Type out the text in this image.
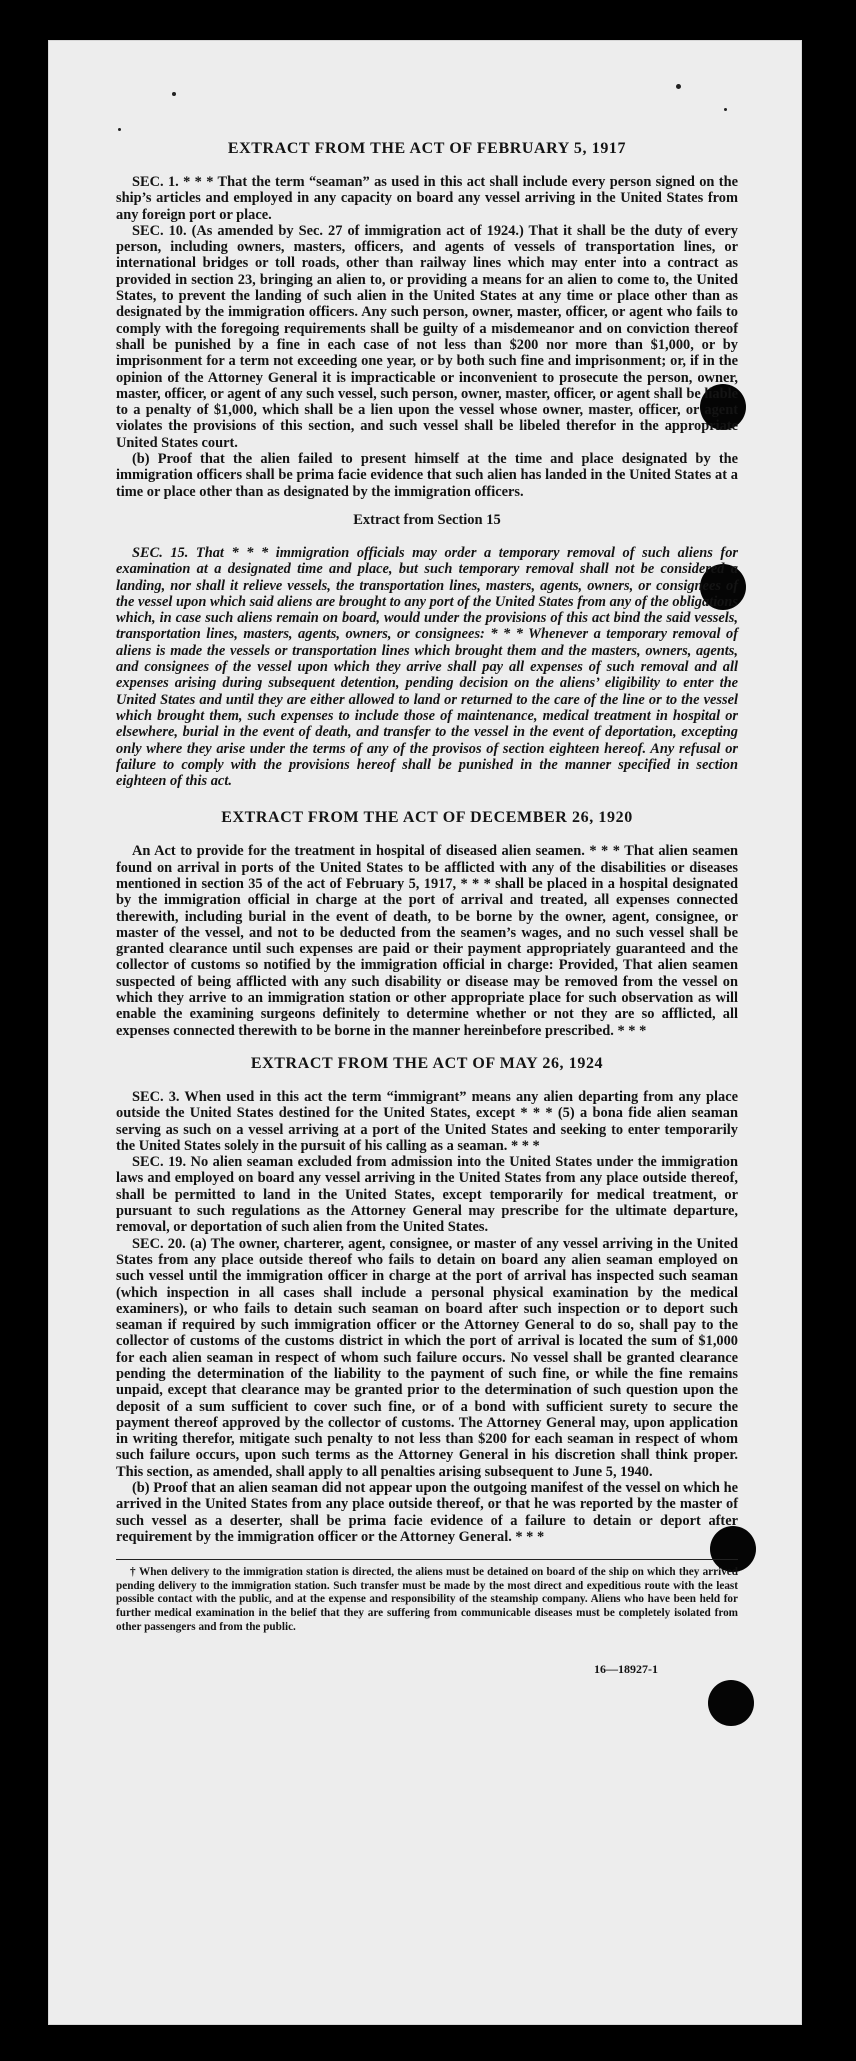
EXTRACT FROM THE ACT OF FEBRUARY 5, 1917

SEC. 1. * * * That the term “seaman” as used in this act shall include every person signed on the ship’s articles and employed in any capacity on board any vessel arriving in the United States from any foreign port or place.

SEC. 10. (As amended by Sec. 27 of immigration act of 1924.) That it shall be the duty of every person, including owners, masters, officers, and agents of vessels of transportation lines, or international bridges or toll roads, other than railway lines which may enter into a contract as provided in section 23, bringing an alien to, or providing a means for an alien to come to, the United States, to prevent the landing of such alien in the United States at any time or place other than as designated by the immigration officers. Any such person, owner, master, officer, or agent who fails to comply with the foregoing requirements shall be guilty of a misdemeanor and on conviction thereof shall be punished by a fine in each case of not less than $200 nor more than $1,000, or by imprisonment for a term not exceeding one year, or by both such fine and imprisonment; or, if in the opinion of the Attorney General it is impracticable or inconvenient to prosecute the person, owner, master, officer, or agent of any such vessel, such person, owner, master, officer, or agent shall be liable to a penalty of $1,000, which shall be a lien upon the vessel whose owner, master, officer, or agent violates the provisions of this section, and such vessel shall be libeled therefor in the appropriate United States court.

(b) Proof that the alien failed to present himself at the time and place designated by the immigration officers shall be prima facie evidence that such alien has landed in the United States at a time or place other than as designated by the immigration officers.

Extract from Section 15

SEC. 15. That * * * immigration officials may order a temporary removal of such aliens for examination at a designated time and place, but such temporary removal shall not be considered a landing, nor shall it relieve vessels, the transportation lines, masters, agents, owners, or consignees of the vessel upon which said aliens are brought to any port of the United States from any of the obligations which, in case such aliens remain on board, would under the provisions of this act bind the said vessels, transportation lines, masters, agents, owners, or consignees: * * * Whenever a temporary removal of aliens is made the vessels or transportation lines which brought them and the masters, owners, agents, and consignees of the vessel upon which they arrive shall pay all expenses of such removal and all expenses arising during subsequent detention, pending decision on the aliens’ eligibility to enter the United States and until they are either allowed to land or returned to the care of the line or to the vessel which brought them, such expenses to include those of maintenance, medical treatment in hospital or elsewhere, burial in the event of death, and transfer to the vessel in the event of deportation, excepting only where they arise under the terms of any of the provisos of section eighteen hereof. Any refusal or failure to comply with the provisions hereof shall be punished in the manner specified in section eighteen of this act.

EXTRACT FROM THE ACT OF DECEMBER 26, 1920

An Act to provide for the treatment in hospital of diseased alien seamen. * * * That alien seamen found on arrival in ports of the United States to be afflicted with any of the disabilities or diseases mentioned in section 35 of the act of February 5, 1917, * * * shall be placed in a hospital designated by the immigration official in charge at the port of arrival and treated, all expenses connected therewith, including burial in the event of death, to be borne by the owner, agent, consignee, or master of the vessel, and not to be deducted from the seamen’s wages, and no such vessel shall be granted clearance until such expenses are paid or their payment appropriately guaranteed and the collector of customs so notified by the immigration official in charge: Provided, That alien seamen suspected of being afflicted with any such disability or disease may be removed from the vessel on which they arrive to an immigration station or other appropriate place for such observation as will enable the examining surgeons definitely to determine whether or not they are so afflicted, all expenses connected therewith to be borne in the manner hereinbefore prescribed. * * *

EXTRACT FROM THE ACT OF MAY 26, 1924

SEC. 3. When used in this act the term “immigrant” means any alien departing from any place outside the United States destined for the United States, except * * * (5) a bona fide alien seaman serving as such on a vessel arriving at a port of the United States and seeking to enter temporarily the United States solely in the pursuit of his calling as a seaman. * * *

SEC. 19. No alien seaman excluded from admission into the United States under the immigration laws and employed on board any vessel arriving in the United States from any place outside thereof, shall be permitted to land in the United States, except temporarily for medical treatment, or pursuant to such regulations as the Attorney General may prescribe for the ultimate departure, removal, or deportation of such alien from the United States.

SEC. 20. (a) The owner, charterer, agent, consignee, or master of any vessel arriving in the United States from any place outside thereof who fails to detain on board any alien seaman employed on such vessel until the immigration officer in charge at the port of arrival has inspected such seaman (which inspection in all cases shall include a personal physical examination by the medical examiners), or who fails to detain such seaman on board after such inspection or to deport such seaman if required by such immigration officer or the Attorney General to do so, shall pay to the collector of customs of the customs district in which the port of arrival is located the sum of $1,000 for each alien seaman in respect of whom such failure occurs. No vessel shall be granted clearance pending the determination of the liability to the payment of such fine, or while the fine remains unpaid, except that clearance may be granted prior to the determination of such question upon the deposit of a sum sufficient to cover such fine, or of a bond with sufficient surety to secure the payment thereof approved by the collector of customs. The Attorney General may, upon application in writing therefor, mitigate such penalty to not less than $200 for each seaman in respect of whom such failure occurs, upon such terms as the Attorney General in his discretion shall think proper. This section, as amended, shall apply to all penalties arising subsequent to June 5, 1940.

(b) Proof that an alien seaman did not appear upon the outgoing manifest of the vessel on which he arrived in the United States from any place outside thereof, or that he was reported by the master of such vessel as a deserter, shall be prima facie evidence of a failure to detain or deport after requirement by the immigration officer or the Attorney General. * * *

† When delivery to the immigration station is directed, the aliens must be detained on board of the ship on which they arrived pending delivery to the immigration station. Such transfer must be made by the most direct and expeditious route with the least possible contact with the public, and at the expense and responsibility of the steamship company. Aliens who have been held for further medical examination in the belief that they are suffering from communicable diseases must be completely isolated from other passengers and from the public.
16—18927-1
